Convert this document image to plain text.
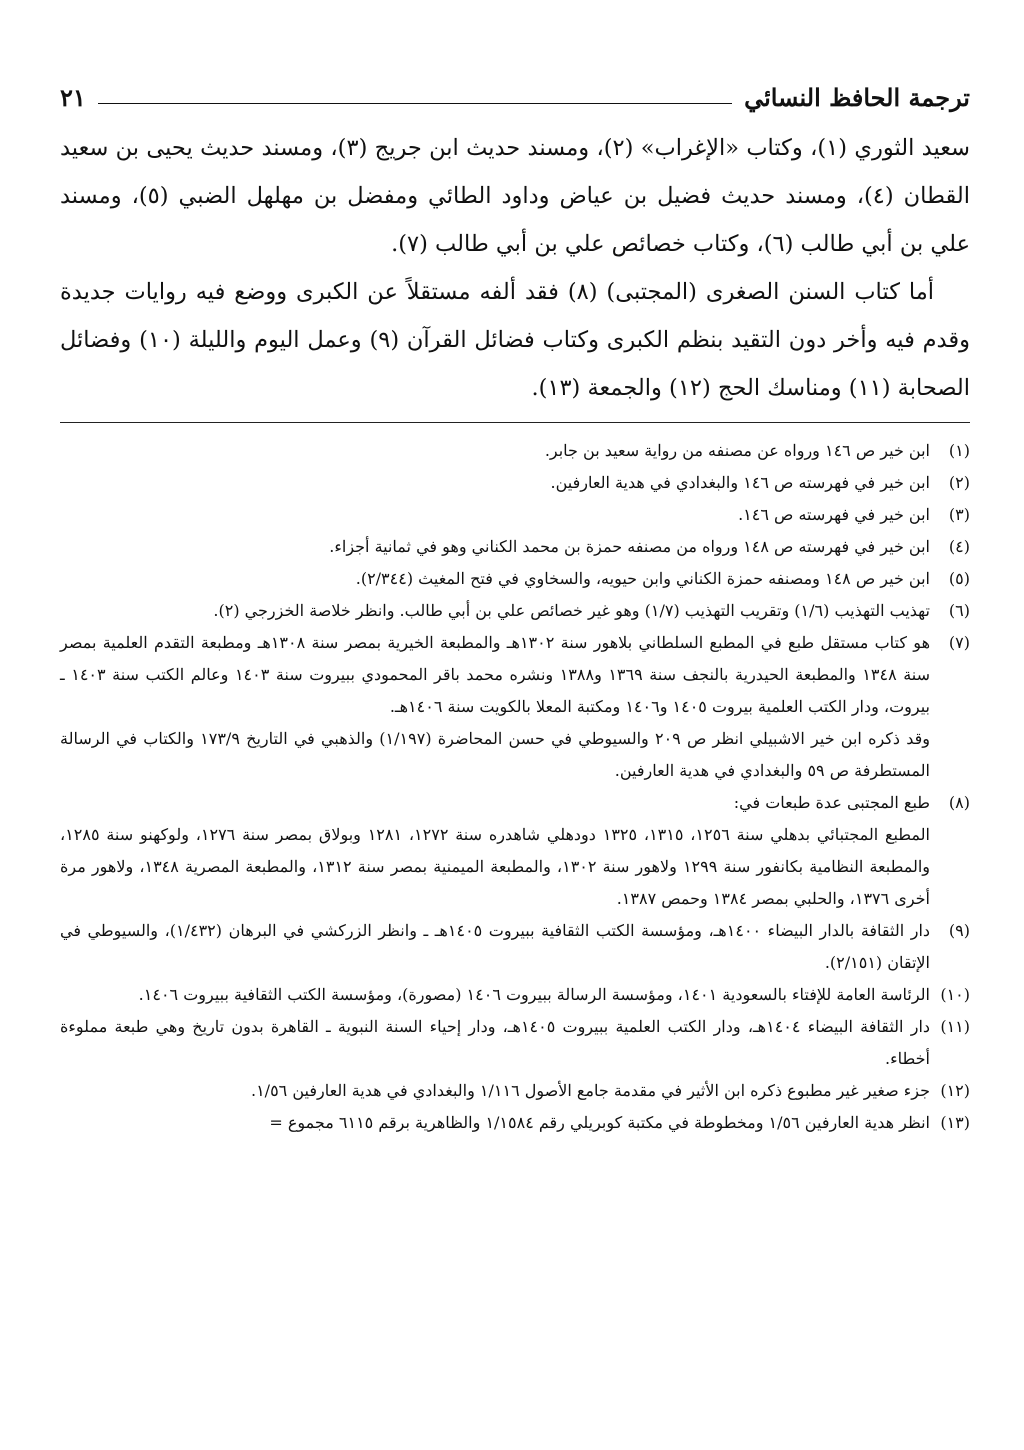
ترجمة الحافظ النسائي
٢١

سعيد الثوري (١)، وكتاب «الإغراب» (٢)، ومسند حديث ابن جريج (٣)، ومسند حديث يحيى بن سعيد القطان (٤)، ومسند حديث فضيل بن عياض وداود الطائي ومفضل بن مهلهل الضبي (٥)، ومسند علي بن أبي طالب (٦)، وكتاب خصائص علي بن أبي طالب (٧).

أما كتاب السنن الصغرى (المجتبى) (٨) فقد ألفه مستقلاً عن الكبرى ووضع فيه روايات جديدة وقدم فيه وأخر دون التقيد بنظم الكبرى وكتاب فضائل القرآن (٩) وعمل اليوم والليلة (١٠) وفضائل الصحابة (١١) ومناسك الحج (١٢) والجمعة (١٣).

(١)

ابن خير ص ١٤٦ ورواه عن مصنفه من رواية سعيد بن جابر.

(٢)

ابن خير في فهرسته ص ١٤٦ والبغدادي في هدية العارفين.

(٣)

ابن خير في فهرسته ص ١٤٦.

(٤)

ابن خير في فهرسته ص ١٤٨ ورواه من مصنفه حمزة بن محمد الكناني وهو في ثمانية أجزاء.

(٥)

ابن خير ص ١٤٨ ومصنفه حمزة الكناني وابن حيويه، والسخاوي في فتح المغيث (٢/٣٤٤).

(٦)

تهذيب التهذيب (١/٦) وتقريب التهذيب (١/٧) وهو غير خصائص علي بن أبي طالب. وانظر خلاصة الخزرجي (٢).

(٧)

هو كتاب مستقل طبع في المطبع السلطاني بلاهور سنة ١٣٠٢هـ والمطبعة الخيرية بمصر سنة ١٣٠٨هـ ومطبعة التقدم العلمية بمصر سنة ١٣٤٨ والمطبعة الحيدرية بالنجف سنة ١٣٦٩ و١٣٨٨ ونشره محمد باقر المحمودي ببيروت سنة ١٤٠٣ وعالم الكتب سنة ١٤٠٣ ـ بيروت، ودار الكتب العلمية بيروت ١٤٠٥ و١٤٠٦ ومكتبة المعلا بالكويت سنة ١٤٠٦هـ.

وقد ذكره ابن خير الاشبيلي انظر ص ٢٠٩ والسيوطي في حسن المحاضرة (١/١٩٧) والذهبي في التاريخ ١٧٣/٩ والكتاب في الرسالة المستطرفة ص ٥٩ والبغدادي في هدية العارفين.

(٨)

طبع المجتبى عدة طبعات في:

المطبع المجتبائي بدهلي سنة ١٢٥٦، ١٣١٥، ١٣٢٥ دودهلي شاهدره سنة ١٢٧٢، ١٢٨١ وبولاق بمصر سنة ١٢٧٦، ولوكهنو سنة ١٢٨٥، والمطبعة النظامية بكانفور سنة ١٢٩٩ ولاهور سنة ١٣٠٢، والمطبعة الميمنية بمصر سنة ١٣١٢، والمطبعة المصرية ١٣٤٨، ولاهور مرة أخرى ١٣٧٦، والحلبي بمصر ١٣٨٤ وحمص ١٣٨٧.

(٩)

دار الثقافة بالدار البيضاء ١٤٠٠هـ، ومؤسسة الكتب الثقافية ببيروت ١٤٠٥هـ ـ وانظر الزركشي في البرهان (١/٤٣٢)، والسيوطي في الإتقان (٢/١٥١).

(١٠)

الرئاسة العامة للإفتاء بالسعودية ١٤٠١، ومؤسسة الرسالة ببيروت ١٤٠٦ (مصورة)، ومؤسسة الكتب الثقافية ببيروت ١٤٠٦.

(١١)

دار الثقافة البيضاء ١٤٠٤هـ، ودار الكتب العلمية ببيروت ١٤٠٥هـ، ودار إحياء السنة النبوية ـ القاهرة بدون تاريخ وهي طبعة مملوءة أخطاء.

(١٢)

جزء صغير غير مطبوع ذكره ابن الأثير في مقدمة جامع الأصول ١/١١٦ والبغدادي في هدية العارفين ١/٥٦.

(١٣)

انظر هدية العارفين ١/٥٦ ومخطوطة في مكتبة كوبريلي رقم ١/١٥٨٤ والظاهرية برقم ٦١١٥ مجموع =
